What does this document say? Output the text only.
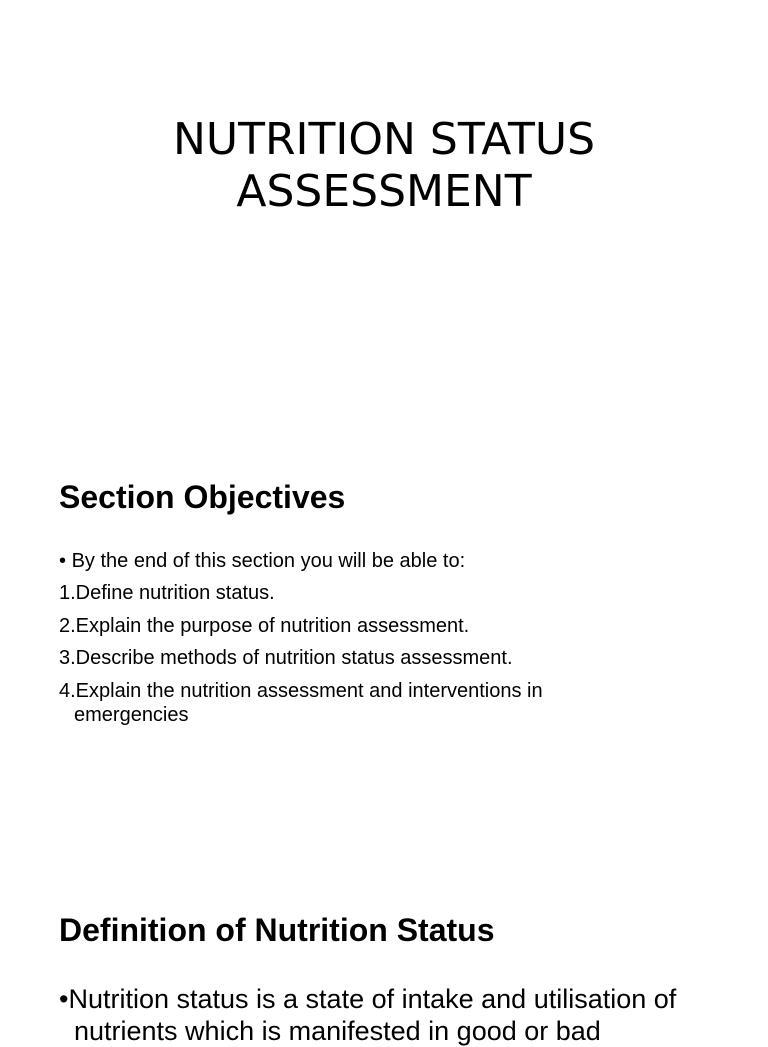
NUTRITION STATUS
ASSESSMENT
Section Objectives
• By the end of this section you will be able to:
1.Define nutrition status.
2.Explain the purpose of nutrition assessment.
3.Describe methods of nutrition status assessment.
4.Explain the nutrition assessment and interventions in emergencies
Definition of Nutrition Status
•Nutrition status is a state of intake and utilisation of nutrients which is manifested in good or bad
